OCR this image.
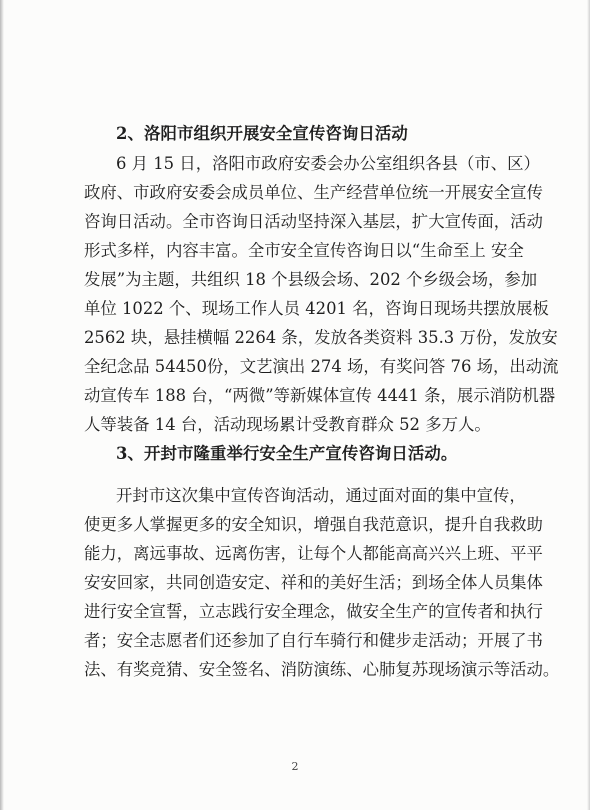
2、洛阳市组织开展安全宣传咨询日活动
6 月 15 日，洛阳市政府安委会办公室组织各县（市、区）
政府、市政府安委会成员单位、生产经营单位统一开展安全宣传
咨询日活动。全市咨询日活动坚持深入基层，扩大宣传面，活动
形式多样，内容丰富。全市安全宣传咨询日以“生命至上 安全
发展”为主题，共组织 18 个县级会场、202 个乡级会场，参加
单位 1022 个、现场工作人员 4201 名，咨询日现场共摆放展板
2562 块，悬挂横幅 2264 条，发放各类资料 35.3 万份，发放安
全纪念品 54450份，文艺演出 274 场，有奖问答 76 场，出动流
动宣传车 188 台，“两微”等新媒体宣传 4441 条，展示消防机器
人等装备 14 台，活动现场累计受教育群众 52 多万人。
3、开封市隆重举行安全生产宣传咨询日活动。
开封市这次集中宣传咨询活动，通过面对面的集中宣传，
使更多人掌握更多的安全知识，增强自我范意识，提升自我救助
能力，离远事故、远离伤害，让每个人都能高高兴兴上班、平平
安安回家，共同创造安定、祥和的美好生活；到场全体人员集体
进行安全宣誓，立志践行安全理念，做安全生产的宣传者和执行
者；安全志愿者们还参加了自行车骑行和健步走活动；开展了书
法、有奖竞猜、安全签名、消防演练、心肺复苏现场演示等活动。
2
